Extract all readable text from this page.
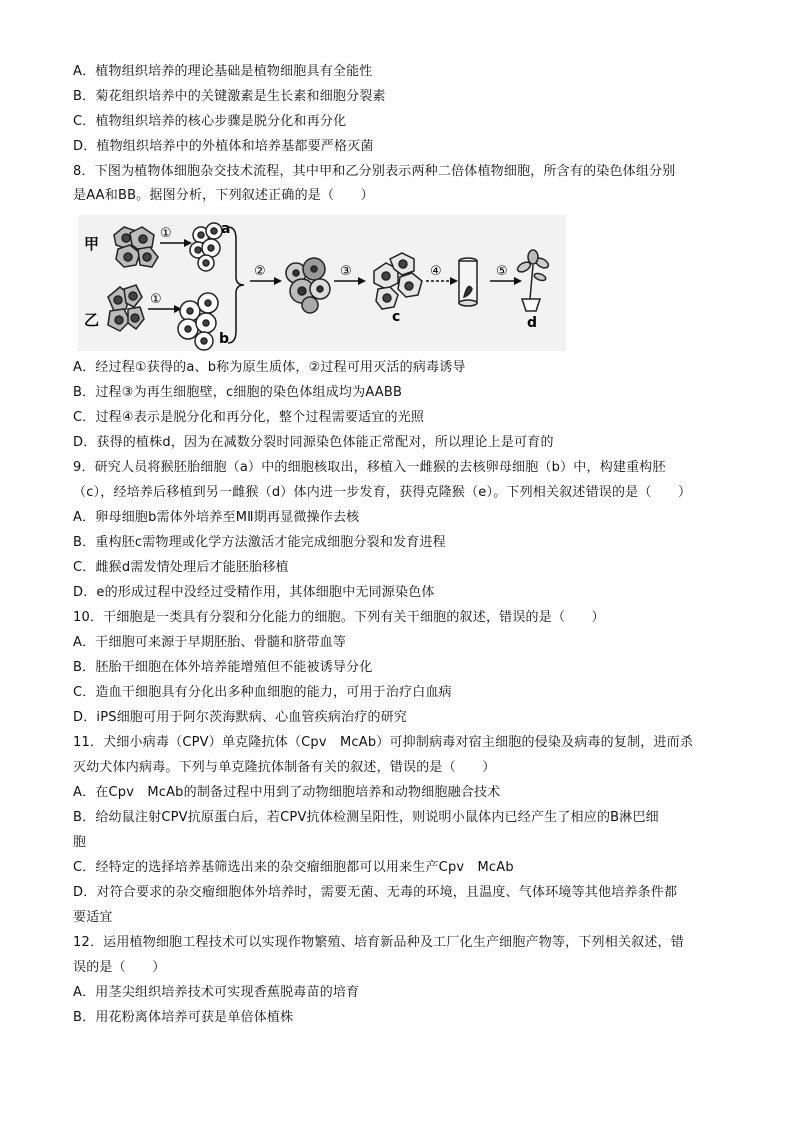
A．植物组织培养的理论基础是植物细胞具有全能性
B．菊花组织培养中的关键激素是生长素和细胞分裂素
C．植物组织培养的核心步骤是脱分化和再分化
D．植物组织培养中的外植体和培养基都要严格灭菌
8．下图为植物体细胞杂交技术流程，其中甲和乙分别表示两种二倍体植物细胞，所含有的染色体组分别
是AA和BB。据图分析，下列叙述正确的是（　　）
甲
①	a
乙
①
b
②	③
c
④	⑤
d
A．经过程①获得的a、b称为原生质体，②过程可用灭活的病毒诱导
B．过程③为再生细胞壁，c细胞的染色体组成均为AABB
C．过程④表示是脱分化和再分化，整个过程需要适宜的光照
D．获得的植株d，因为在减数分裂时同源染色体能正常配对，所以理论上是可育的
9．研究人员将猴胚胎细胞（a）中的细胞核取出，移植入一雌猴的去核卵母细胞（b）中，构建重构胚
（c），经培养后移植到另一雌猴（d）体内进一步发育，获得克隆猴（e）。下列相关叙述错误的是（　　）
A．卵母细胞b需体外培养至MⅡ期再显微操作去核
B．重构胚c需物理或化学方法激活才能完成细胞分裂和发育进程
C．雌猴d需发情处理后才能胚胎移植
D．e的形成过程中没经过受精作用，其体细胞中无同源染色体
10．干细胞是一类具有分裂和分化能力的细胞。下列有关干细胞的叙述，错误的是（　　）
A．干细胞可来源于早期胚胎、骨髓和脐带血等
B．胚胎干细胞在体外培养能增殖但不能被诱导分化
C．造血干细胞具有分化出多种血细胞的能力，可用于治疗白血病
D．iPS细胞可用于阿尔茨海默病、心血管疾病治疗的研究
11．犬细小病毒（CPV）单克隆抗体（Cpv　McAb）可抑制病毒对宿主细胞的侵染及病毒的复制，进而杀
灭幼犬体内病毒。下列与单克隆抗体制备有关的叙述，错误的是（　　）
A．在Cpv　McAb的制备过程中用到了动物细胞培养和动物细胞融合技术
B．给幼鼠注射CPV抗原蛋白后，若CPV抗体检测呈阳性，则说明小鼠体内已经产生了相应的B淋巴细
胞
C．经特定的选择培养基筛选出来的杂交瘤细胞都可以用来生产Cpv　McAb
D．对符合要求的杂交瘤细胞体外培养时，需要无菌、无毒的环境，且温度、气体环境等其他培养条件都
要适宜
12．运用植物细胞工程技术可以实现作物繁殖、培育新品种及工厂化生产细胞产物等，下列相关叙述，错
误的是（　　）
A．用茎尖组织培养技术可实现香蕉脱毒苗的培育
B．用花粉离体培养可获是单倍体植株
